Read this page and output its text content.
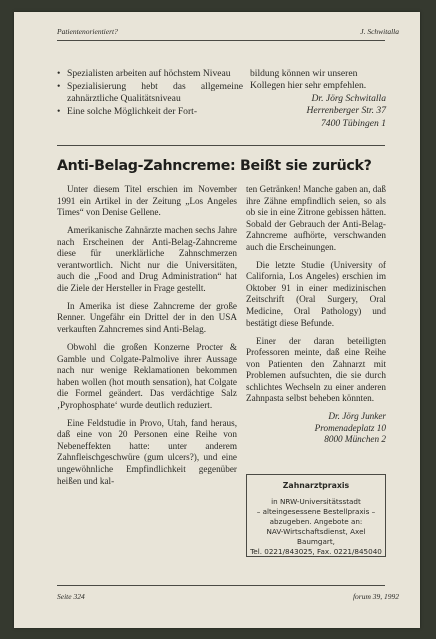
Patientenorientiert?	J. Schwitalla
• Spezialisten arbeiten auf höchstem Niveau
• Spezialisierung hebt das allgemeine zahnärztliche Qualitätsniveau
• Eine solche Möglichkeit der Fort-
bildung können wir unseren Kollegen hier sehr empfehlen.
Dr. Jörg Schwitalla
Herrenberger Str. 37
7400 Tübingen 1
Anti-Belag-Zahncreme: Beißt sie zurück?

Unter diesem Titel erschien im November 1991 ein Artikel in der Zeitung „Los Angeles Times“ von Denise Gellene.

Amerikanische Zahnärzte machen sechs Jahre nach Erscheinen der Anti-Belag-Zahncreme diese für unerklärliche Zahnschmerzen verantwortlich. Nicht nur die Universitäten, auch die „Food and Drug Administration“ hat die Ziele der Hersteller in Frage gestellt.

In Amerika ist diese Zahncreme der große Renner. Ungefähr ein Drittel der in den USA verkauften Zahncremes sind Anti-Belag.

Obwohl die großen Konzerne Procter & Gamble und Colgate-Palmolive ihrer Aussage nach nur wenige Reklamationen bekommen haben wollen (hot mouth sensation), hat Colgate die Formel geändert. Das verdächtige Salz ‚Pyrophosphate‘ wurde deutlich reduziert.

Eine Feldstudie in Provo, Utah, fand heraus, daß eine von 20 Personen eine Reihe von Nebeneffekten hatte: unter anderem Zahnfleischgeschwüre (gum ulcers?), und eine ungewöhnliche Empfindlichkeit gegenüber heißen und kal-

ten Getränken! Manche gaben an, daß ihre Zähne empfindlich seien, so als ob sie in eine Zitrone gebissen hätten. Sobald der Gebrauch der Anti-Belag-Zahncreme aufhörte, verschwanden auch die Erscheinungen.

Die letzte Studie (University of California, Los Angeles) erschien im Oktober 91 in einer medizinischen Zeitschrift (Oral Surgery, Oral Medicine, Oral Pathology) und bestätigt diese Befunde.

Einer der daran beteiligten Professoren meinte, daß eine Reihe von Patienten den Zahnarzt mit Problemen aufsuchten, die sie durch schlichtes Wechseln zu einer anderen Zahnpasta selbst beheben könnten.

Dr. Jörg Junker
Promenadeplatz 10
8000 München 2
Zahnarztpraxis
in NRW-Universitätsstadt
– alteingesessene Bestellpraxis –
abzugeben. Angebote an:
NAV-Wirtschaftsdienst, Axel Baumgart,
Tel. 0221/843025, Fax. 0221/845040
Seite 324	forum 39, 1992
